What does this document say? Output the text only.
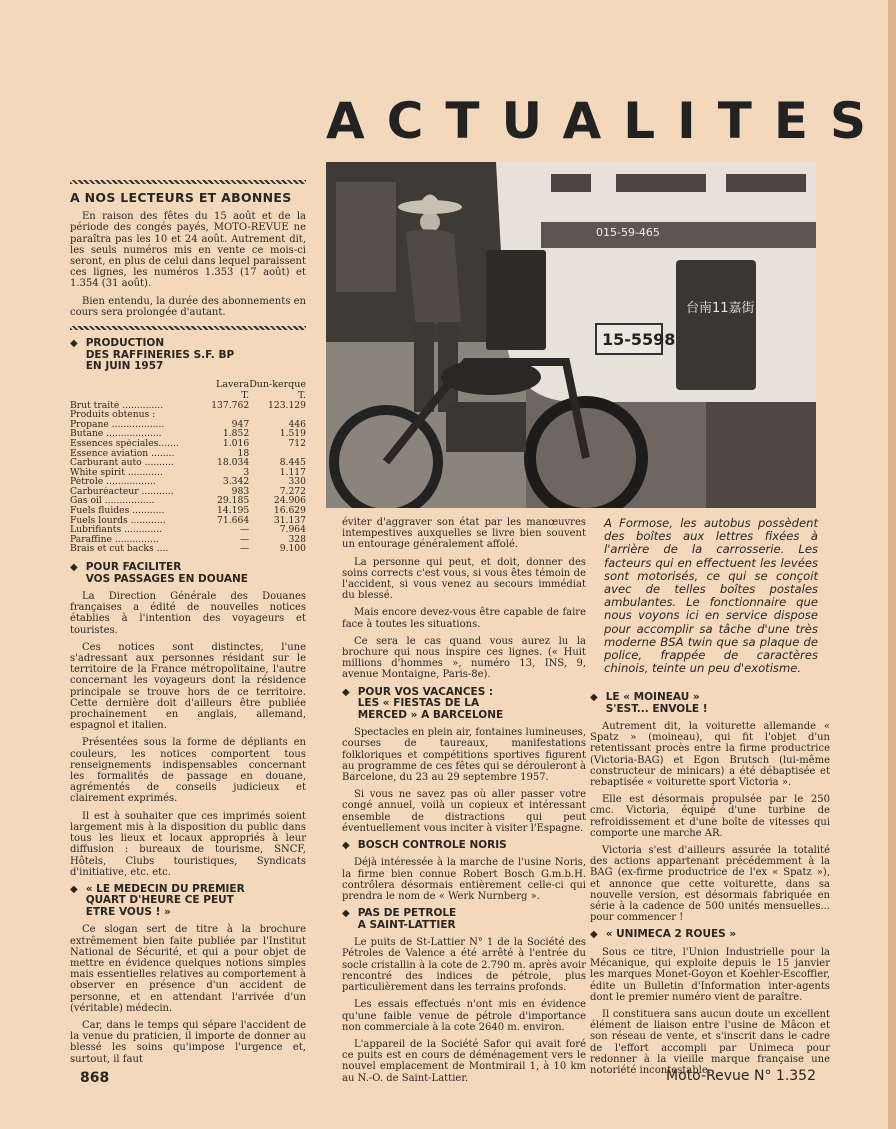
ACTUALITES
A NOS LECTEURS ET ABONNES

En raison des fêtes du 15 août et de la période des congés payés, MOTO-REVUE ne paraîtra pas les 10 et 24 août. Autrement dit, les seuls numéros mis en vente ce mois-ci seront, en plus de celui dans lequel paraissent ces lignes, les numéros 1.353 (17 août) et 1.354 (31 août).

Bien entendu, la durée des abonnements en cours sera prolongée d'autant.

◆ PRODUCTION
DES RAFFINERIES S.F. BP
EN JUIN 1957
	Lavera	Dun-kerque
	T.	T.
Brut traité ..............	137.762	123.129
Produits obtenus :		
Propane ..................	947	446
Butane ...................	1.852	1.519
Essences spéciales.......	1.016	712
Essence aviation ........	18	
Carburant auto ..........	18.034	8.445
White spirit ............	3	1.117
Pétrole .................	3.342	330
Carburéacteur ...........	983	7.272
Gas oil .................	29.185	24.906
Fuels fluides ...........	14.195	16.629
Fuels lourds ............	71.664	31.137
Lubrifiants .............	—	7.964
Paraffine ...............	—	328
Brais et cut backs ....	—	9.100
◆ POUR FACILITER
VOS PASSAGES EN DOUANE

La Direction Générale des Douanes françaises a édité de nouvelles notices établies à l'intention des voyageurs et touristes.

Ces notices sont distinctes, l'une s'adressant aux personnes résidant sur le territoire de la France métropolitaine, l'autre concernant les voyageurs dont la résidence principale se trouve hors de ce territoire. Cette dernière doit d'ailleurs être publiée prochainement en anglais, allemand, espagnol et italien.

Présentées sous la forme de dépliants en couleurs, les notices comportent tous renseignements indispensables concernant les formalités de passage en douane, agrémentés de conseils judicieux et clairement exprimés.

Il est à souhaiter que ces imprimés soient largement mis à la disposition du public dans tous les lieux et locaux appropriés à leur diffusion : bureaux de tourisme, SNCF, Hôtels, Clubs touristiques, Syndicats d'initiative, etc. etc.

◆ « LE MEDECIN DU PREMIER
QUART D'HEURE CE PEUT
ETRE VOUS ! »

Ce slogan sert de titre à la brochure extrêmement bien faite publiée par l'Institut National de Sécurité, et qui a pour objet de mettre en évidence quelques notions simples mais essentielles relatives au comportement à observer en présence d'un accident de personne, et en attendant l'arrivée d'un (véritable) médecin.

Car, dans le temps qui sépare l'accident de la venue du praticien, il importe de donner au blessé les soins qu'impose l'urgence et, surtout, il faut

015-59-465
台南11嘉街
15-5598

éviter d'aggraver son état par les manœuvres intempestives auxquelles se livre bien souvent un entourage généralement affolé.

La personne qui peut, et doit, donner des soins corrects c'est vous, si vous êtes témoin de l'accident, si vous venez au secours immédiat du blessé.

Mais encore devez-vous être capable de faire face à toutes les situations.

Ce sera le cas quand vous aurez lu la brochure qui nous inspire ces lignes. (« Huit millions d'hommes », numéro 13, INS, 9, avenue Montaigne, Paris-8e).

◆ POUR VOS VACANCES :
LES « FIESTAS DE LA
MERCED » A BARCELONE

Spectacles en plein air, fontaines lumineuses, courses de taureaux, manifestations folkloriques et compétitions sportives figurent au programme de ces fêtes qui se dérouleront à Barcelone, du 23 au 29 septembre 1957.

Si vous ne savez pas où aller passer votre congé annuel, voilà un copieux et intéressant ensemble de distractions qui peut éventuellement vous inciter à visiter l'Espagne.

◆ BOSCH CONTROLE NORIS

Déjà intéressée à la marche de l'usine Noris, la firme bien connue Robert Bosch G.m.b.H. contrôlera désormais entièrement celle-ci qui prendra le nom de « Werk Nurnberg ».

◆ PAS DE PETROLE
A SAINT-LATTIER

Le puits de St-Lattier N° 1 de la Société des Pétroles de Valence a été arrêté à l'entrée du socle cristallin à la cote de 2.790 m. après avoir rencontré des indices de pétrole, plus particulièrement dans les terrains profonds.

Les essais effectués n'ont mis en évidence qu'une faible venue de pétrole d'importance non commerciale à la cote 2640 m. environ.

L'appareil de la Société Safor qui avait foré ce puits est en cours de déménagement vers le nouvel emplacement de Montmirail 1, à 10 km au N.-O. de Saint-Lattier.

A Formose, les autobus possèdent des boîtes aux lettres fixées à l'arrière de la carrosserie. Les facteurs qui en effectuent les levées sont motorisés, ce qui se conçoit avec de telles boîtes postales ambulantes. Le fonctionnaire que nous voyons ici en service dispose pour accomplir sa tâche d'une très moderne BSA twin que sa plaque de police, frappée de caractères chinois, teinte un peu d'exotisme.
◆ LE « MOINEAU »
S'EST... ENVOLE !

Autrement dit, la voiturette allemande « Spatz » (moineau), qui fit l'objet d'un retentissant procès entre la firme productrice (Victoria-BAG) et Egon Brutsch (lui-même constructeur de minicars) a été débaptisée et rebaptisée « voiturette sport Victoria ».

Elle est désormais propulsée par le 250 cmc. Victoria, équipé d'une turbine de refroidissement et d'une boîte de vitesses qui comporte une marche AR.

Victoria s'est d'ailleurs assurée la totalité des actions appartenant précédemment à la BAG (ex-firme productrice de l'ex « Spatz »), et annonce que cette voiturette, dans sa nouvelle version, est désormais fabriquée en série à la cadence de 500 unités mensuelles... pour commencer !

◆ « UNIMECA 2 ROUES »

Sous ce titre, l'Union Industrielle pour la Mécanique, qui exploite depuis le 15 janvier les marques Monet-Goyon et Koehler-Escoffier, édite un Bulletin d'Information inter-agents dont le premier numéro vient de paraître.

Il constituera sans aucun doute un excellent élément de liaison entre l'usine de Mâcon et son réseau de vente, et s'inscrit dans le cadre de l'effort accompli par Unimeca pour redonner à la vieille marque française une notoriété incontestable.

868	Moto-Revue N° 1.352
